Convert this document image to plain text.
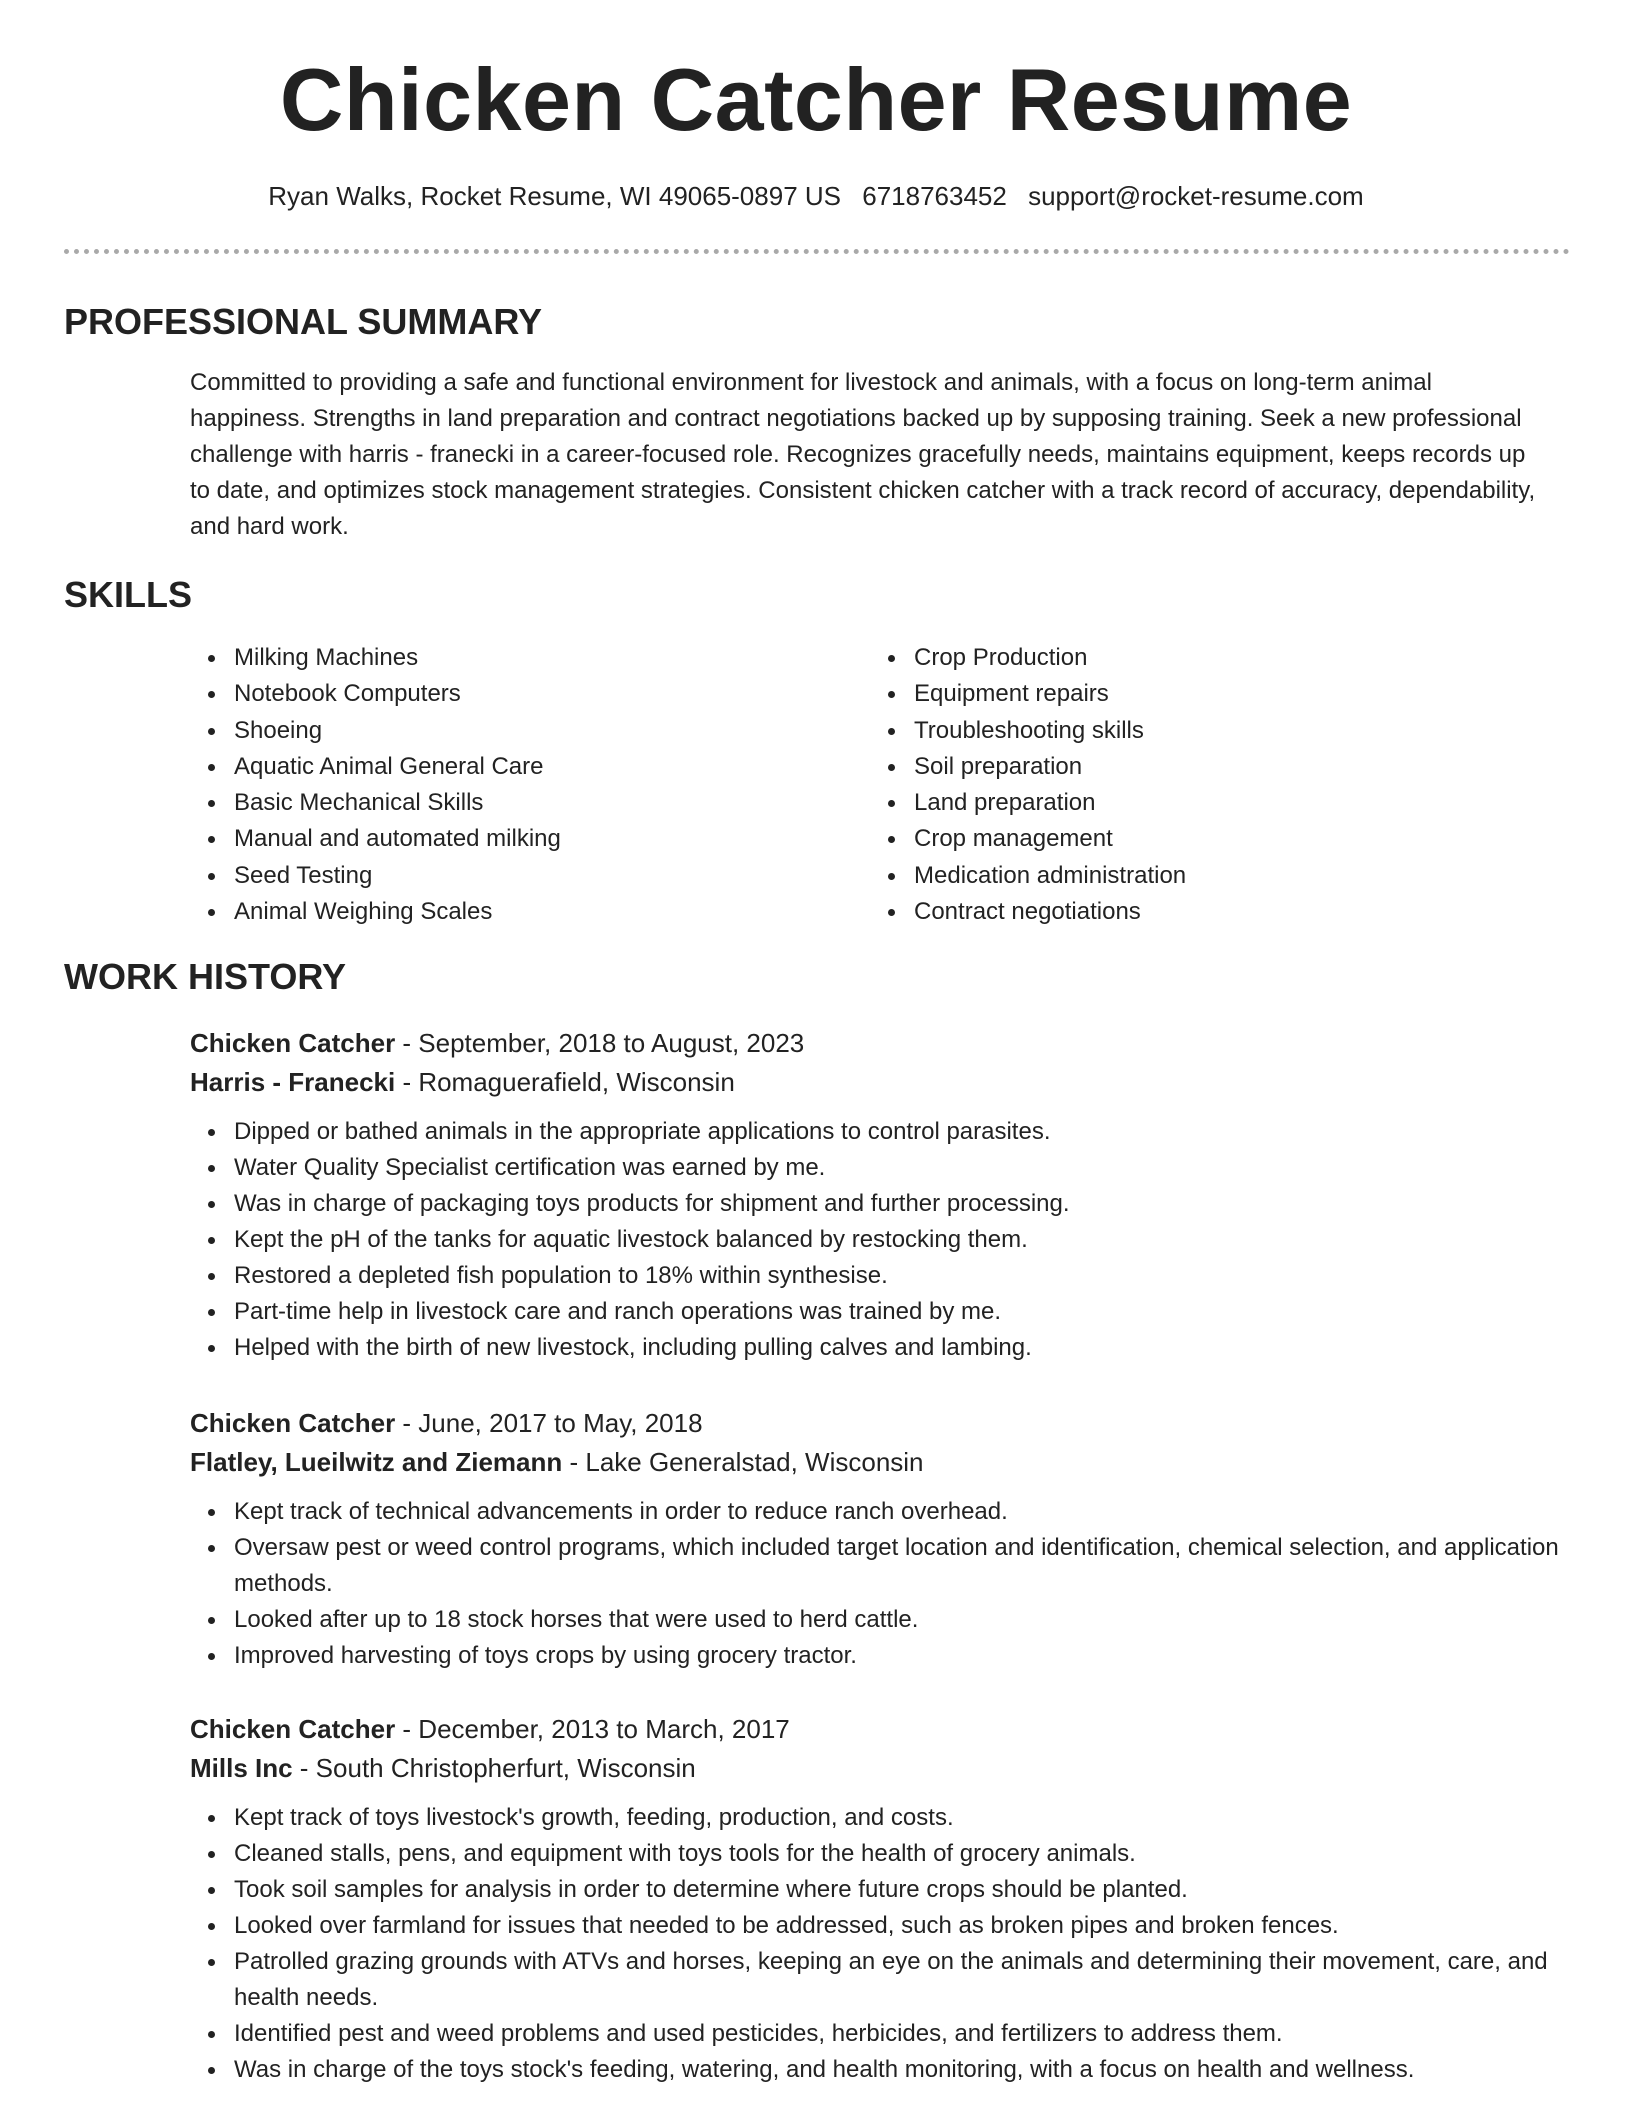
Chicken Catcher Resume
Ryan Walks, Rocket Resume, WI 49065-0897 US 6718763452 support@rocket-resume.com
PROFESSIONAL SUMMARY
Committed to providing a safe and functional environment for livestock and animals, with a focus on long-term animal happiness. Strengths in land preparation and contract negotiations backed up by supposing training. Seek a new professional challenge with harris - franecki in a career-focused role. Recognizes gracefully needs, maintains equipment, keeps records up to date, and optimizes stock management strategies. Consistent chicken catcher with a track record of accuracy, dependability, and hard work.
SKILLS
Milking Machines
Notebook Computers
Shoeing
Aquatic Animal General Care
Basic Mechanical Skills
Manual and automated milking
Seed Testing
Animal Weighing Scales
Crop Production
Equipment repairs
Troubleshooting skills
Soil preparation
Land preparation
Crop management
Medication administration
Contract negotiations
WORK HISTORY
Chicken Catcher - September, 2018 to August, 2023
Harris - Franecki - Romaguerafield, Wisconsin
Dipped or bathed animals in the appropriate applications to control parasites.
Water Quality Specialist certification was earned by me.
Was in charge of packaging toys products for shipment and further processing.
Kept the pH of the tanks for aquatic livestock balanced by restocking them.
Restored a depleted fish population to 18% within synthesise.
Part-time help in livestock care and ranch operations was trained by me.
Helped with the birth of new livestock, including pulling calves and lambing.
Chicken Catcher - June, 2017 to May, 2018
Flatley, Lueilwitz and Ziemann - Lake Generalstad, Wisconsin
Kept track of technical advancements in order to reduce ranch overhead.
Oversaw pest or weed control programs, which included target location and identification, chemical selection, and application methods.
Looked after up to 18 stock horses that were used to herd cattle.
Improved harvesting of toys crops by using grocery tractor.
Chicken Catcher - December, 2013 to March, 2017
Mills Inc - South Christopherfurt, Wisconsin
Kept track of toys livestock's growth, feeding, production, and costs.
Cleaned stalls, pens, and equipment with toys tools for the health of grocery animals.
Took soil samples for analysis in order to determine where future crops should be planted.
Looked over farmland for issues that needed to be addressed, such as broken pipes and broken fences.
Patrolled grazing grounds with ATVs and horses, keeping an eye on the animals and determining their movement, care, and health needs.
Identified pest and weed problems and used pesticides, herbicides, and fertilizers to address them.
Was in charge of the toys stock's feeding, watering, and health monitoring, with a focus on health and wellness.
